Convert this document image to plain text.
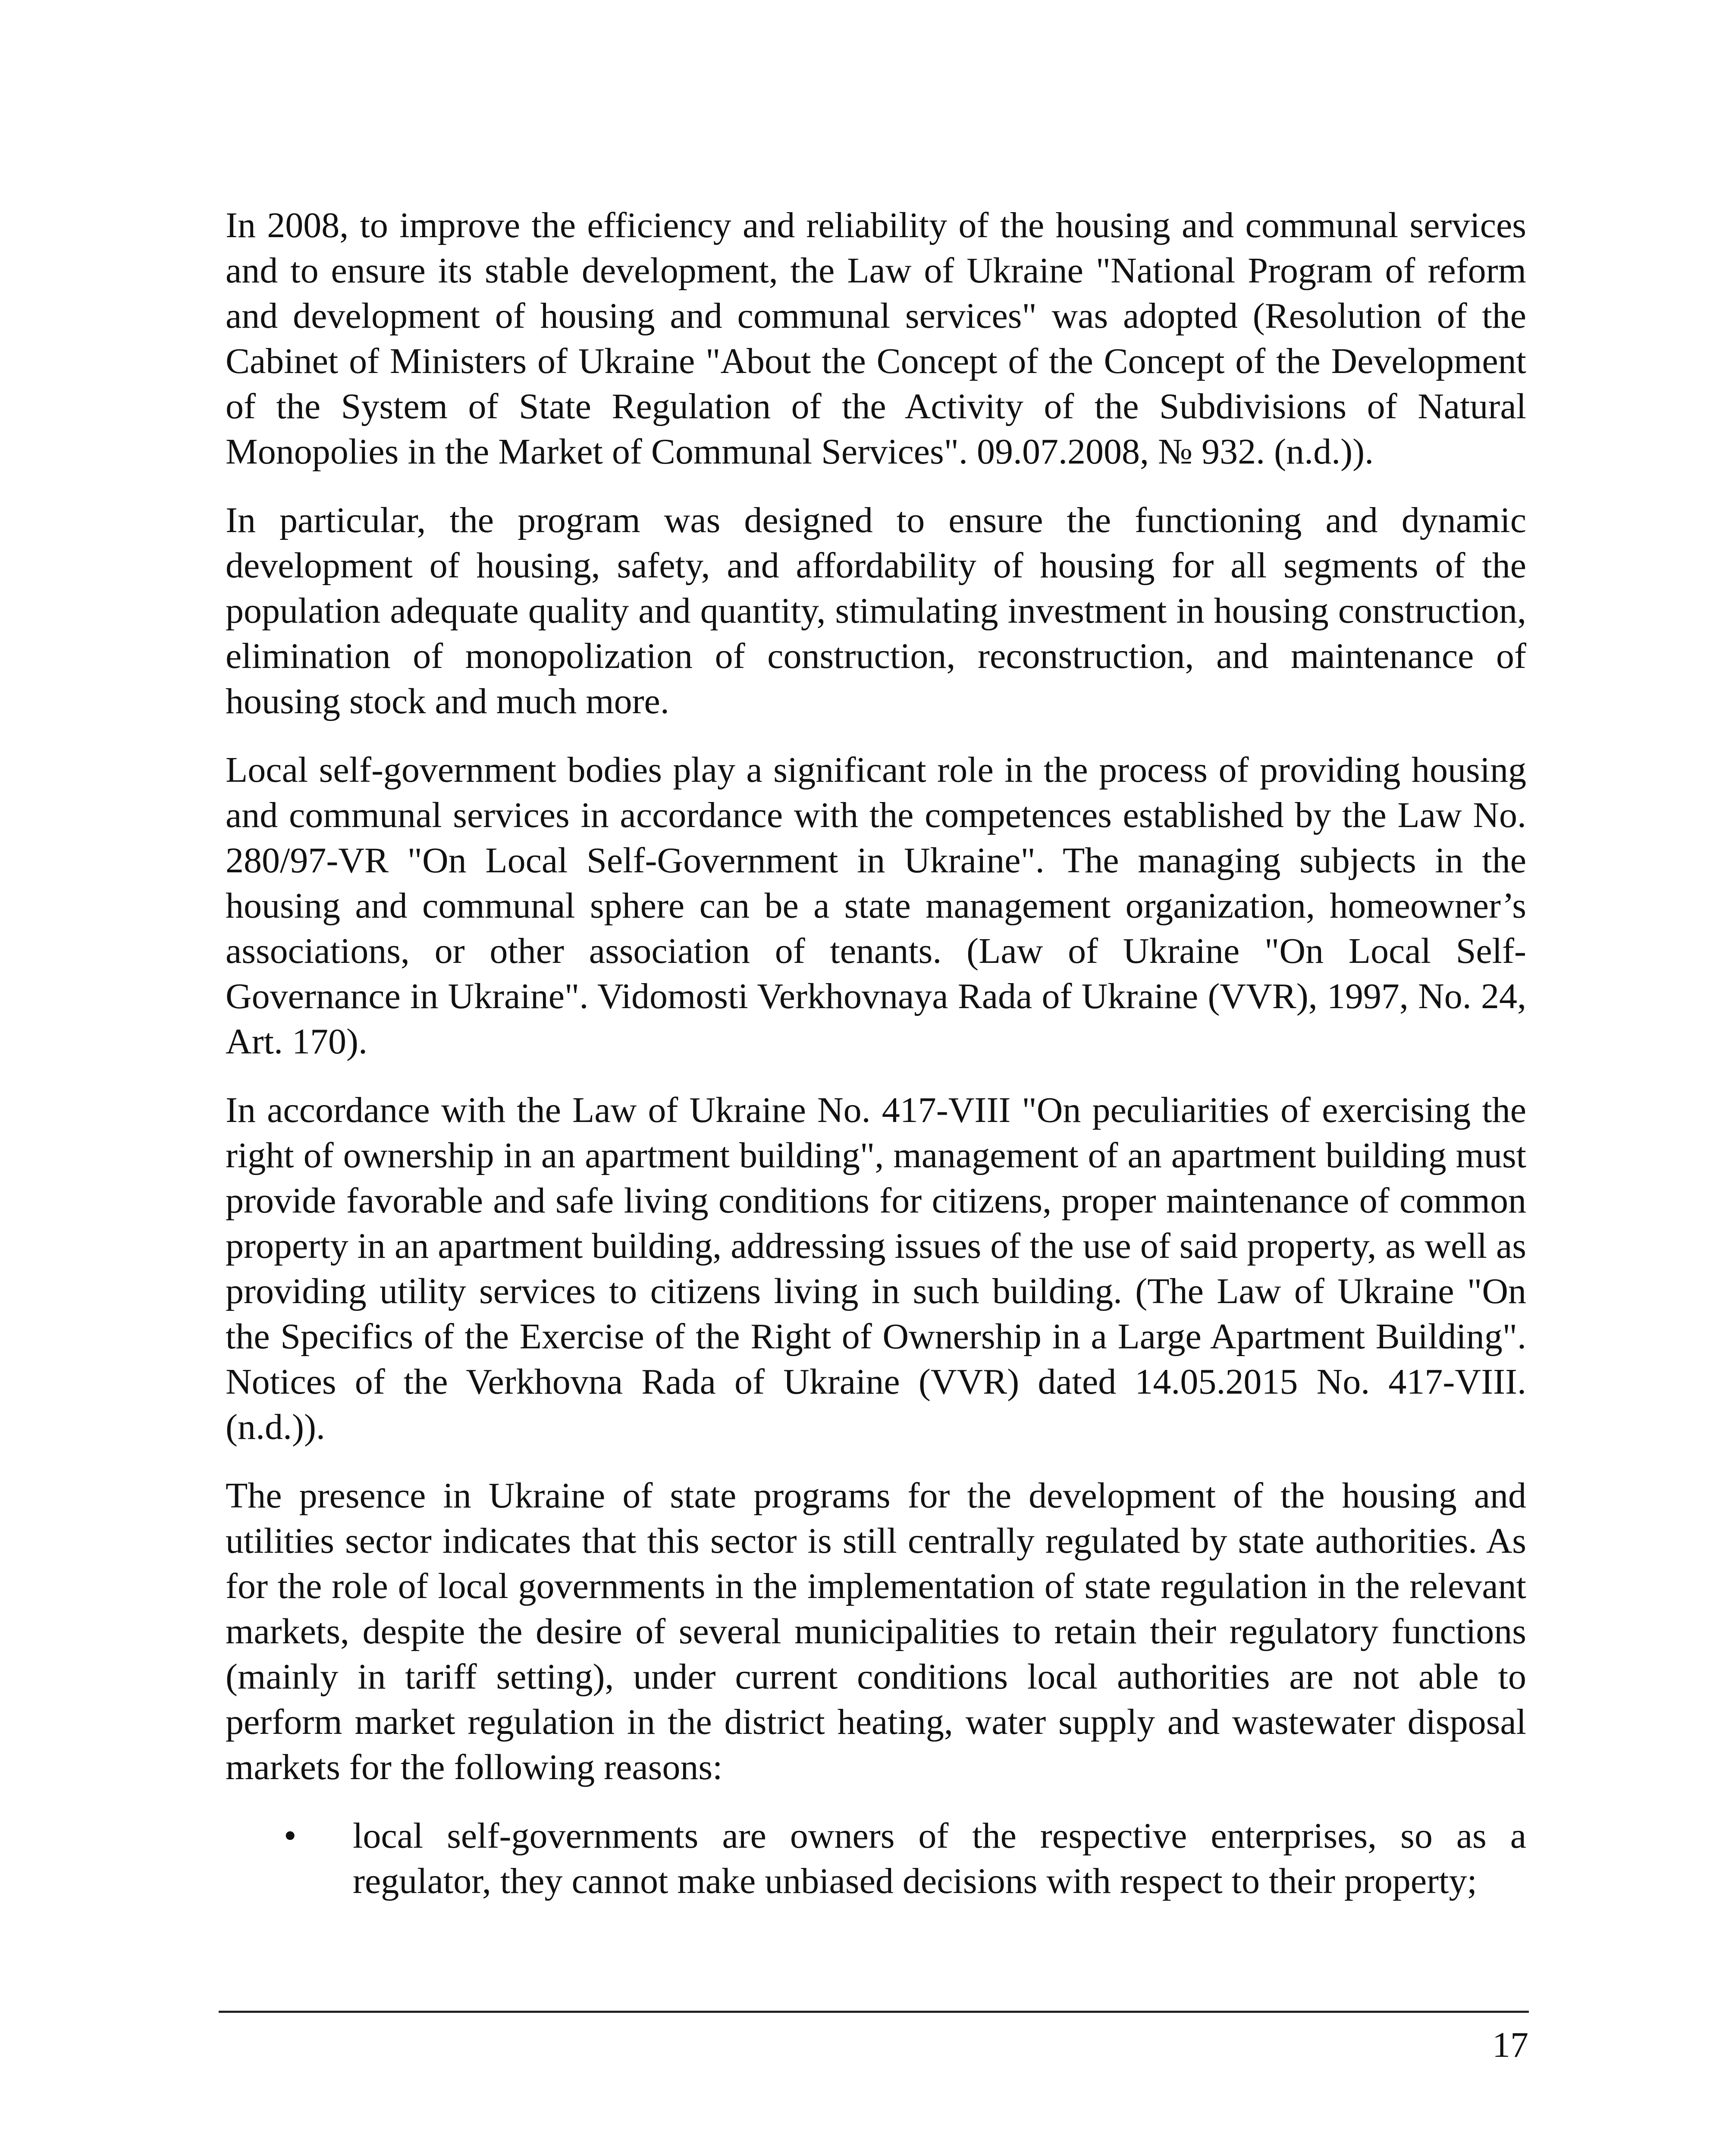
In 2008, to improve the efficiency and reliability of the housing and communal services and to ensure its stable development, the Law of Ukraine "National Program of reform and development of housing and communal services" was adopted (Resolution of the Cabinet of Ministers of Ukraine "About the Concept of the Concept of the Development of the System of State Regulation of the Activity of the Subdivisions of Natural Monopolies in the Market of Communal Services". 09.07.2008, № 932. (n.d.)).

In particular, the program was designed to ensure the functioning and dynamic development of housing, safety, and affordability of housing for all segments of the population adequate quality and quantity, stimulating investment in housing construction, elimination of monopolization of construction, reconstruction, and maintenance of housing stock and much more.

Local self-government bodies play a significant role in the process of providing housing and communal services in accordance with the competences established by the Law No. 280/97-VR "On Local Self-Government in Ukraine". The managing subjects in the housing and communal sphere can be a state management organization, homeowner’s associations, or other association of tenants. (Law of Ukraine "On Local Self-Governance in Ukraine". Vidomosti Verkhovnaya Rada of Ukraine (VVR), 1997, No. 24, Art. 170).

In accordance with the Law of Ukraine No. 417-VIII "On peculiarities of exercising the right of ownership in an apartment building", management of an apartment building must provide favorable and safe living conditions for citizens, proper maintenance of common property in an apartment building, addressing issues of the use of said property, as well as providing utility services to citizens living in such building. (The Law of Ukraine "On the Specifics of the Exercise of the Right of Ownership in a Large Apartment Building". Notices of the Verkhovna Rada of Ukraine (VVR) dated 14.05.2015 No. 417-VIII. (n.d.)).

The presence in Ukraine of state programs for the development of the housing and utilities sector indicates that this sector is still centrally regulated by state authorities. As for the role of local governments in the implementation of state regulation in the relevant markets, despite the desire of several municipalities to retain their regulatory functions (mainly in tariff setting), under current conditions local authorities are not able to perform market regulation in the district heating, water supply and wastewater disposal markets for the following reasons:

• local self-governments are owners of the respective enterprises, so as a regulator, they cannot make unbiased decisions with respect to their property;
17
